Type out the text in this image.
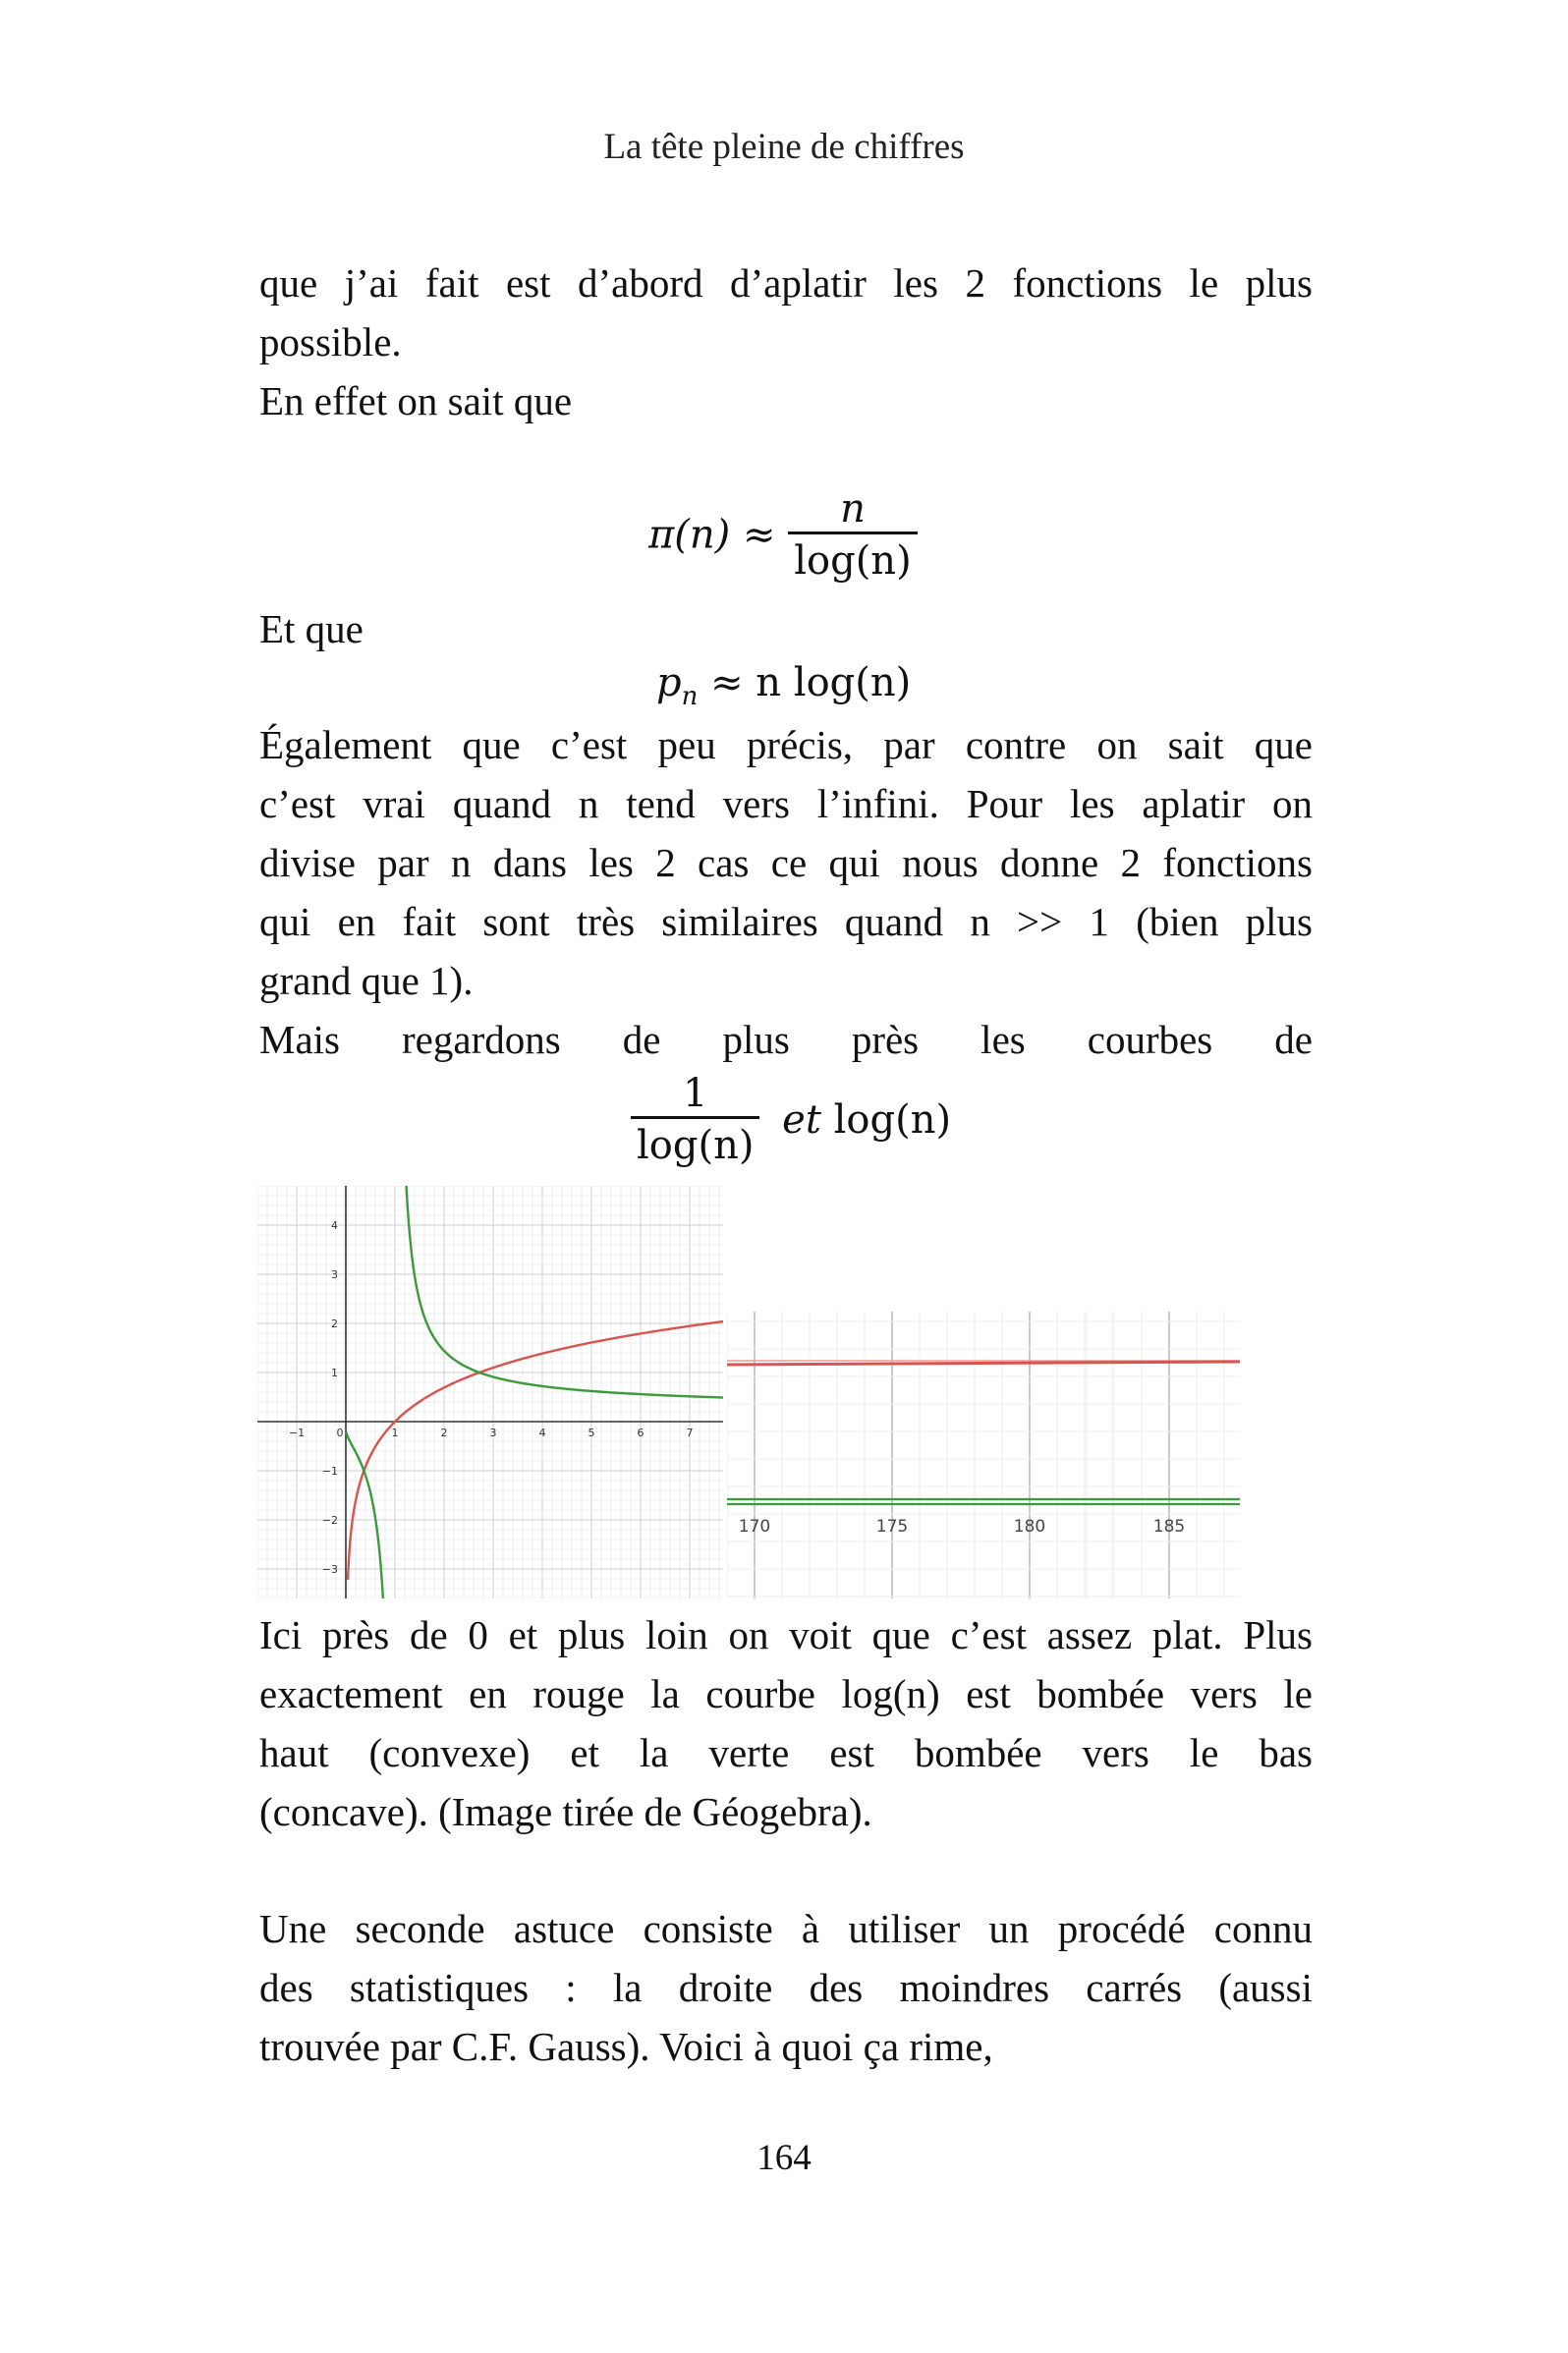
La tête pleine de chiffres
que j’ai fait est d’abord d’aplatir les 2 fonctions le plus
possible.
En effet on sait que
$\pi(n) \approx \frac{n}{\log(n)}$
Et que
$p_n \approx n$ log(n)
Également que c’est peu précis, par contre on sait que
c’est vrai quand n tend vers l’infini. Pour les aplatir on
divise par n dans les 2 cas ce qui nous donne 2 fonctions
qui en fait sont très similaires quand n >> 1 (bien plus
grand que 1).
Mais regardons de plus près les courbes de
$\frac{1}{\log(n)}$ et log(n)
−1	0	1	2	3	4	5	6	7
4
3
2
1
−1
−2
−3
170	175	180	185
Ici près de 0 et plus loin on voit que c’est assez plat. Plus
exactement en rouge la courbe log(n) est bombée vers le
haut (convexe) et la verte est bombée vers le bas
(concave). (Image tirée de Géogebra).
Une seconde astuce consiste à utiliser un procédé connu
des statistiques : la droite des moindres carrés (aussi
trouvée par C.F. Gauss). Voici à quoi ça rime,
164
